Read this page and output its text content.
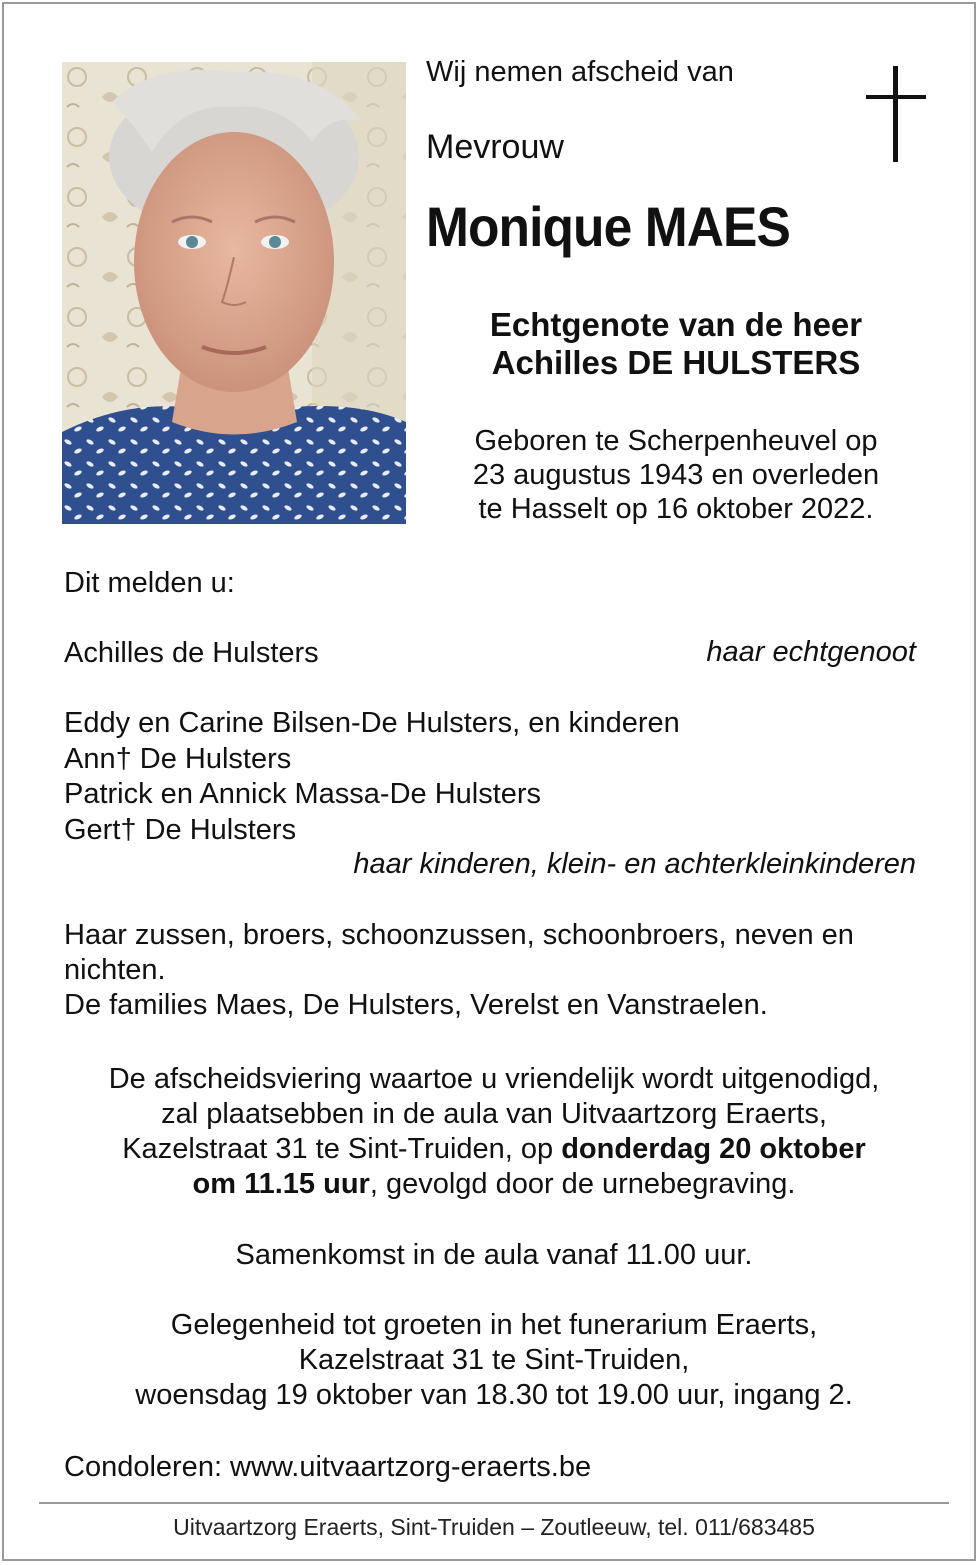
Wij nemen afscheid van
Mevrouw
Monique MAES
Echtgenote van de heer
Achilles DE HULSTERS
Geboren te Scherpenheuvel op
23 augustus 1943 en overleden
te Hasselt op 16 oktober 2022.
Dit melden u:
Achilles de Hulsters	haar echtgenoot
Eddy en Carine Bilsen-De Hulsters, en kinderen
Ann† De Hulsters
Patrick en Annick Massa-De Hulsters
Gert† De Hulsters
haar kinderen, klein- en achterkleinkinderen
Haar zussen, broers, schoonzussen, schoonbroers, neven en nichten.
De families Maes, De Hulsters, Verelst en Vanstraelen.
De afscheidsviering waartoe u vriendelijk wordt uitgenodigd,
zal plaatsebben in de aula van Uitvaartzorg Eraerts,
Kazelstraat 31 te Sint-Truiden, op donderdag 20 oktober
om 11.15 uur, gevolgd door de urnebegraving.
Samenkomst in de aula vanaf 11.00 uur.
Gelegenheid tot groeten in het funerarium Eraerts,
Kazelstraat 31 te Sint-Truiden,
woensdag 19 oktober van 18.30 tot 19.00 uur, ingang 2.
Condoleren: www.uitvaartzorg-eraerts.be
Uitvaartzorg Eraerts, Sint-Truiden – Zoutleeuw, tel. 011/683485
